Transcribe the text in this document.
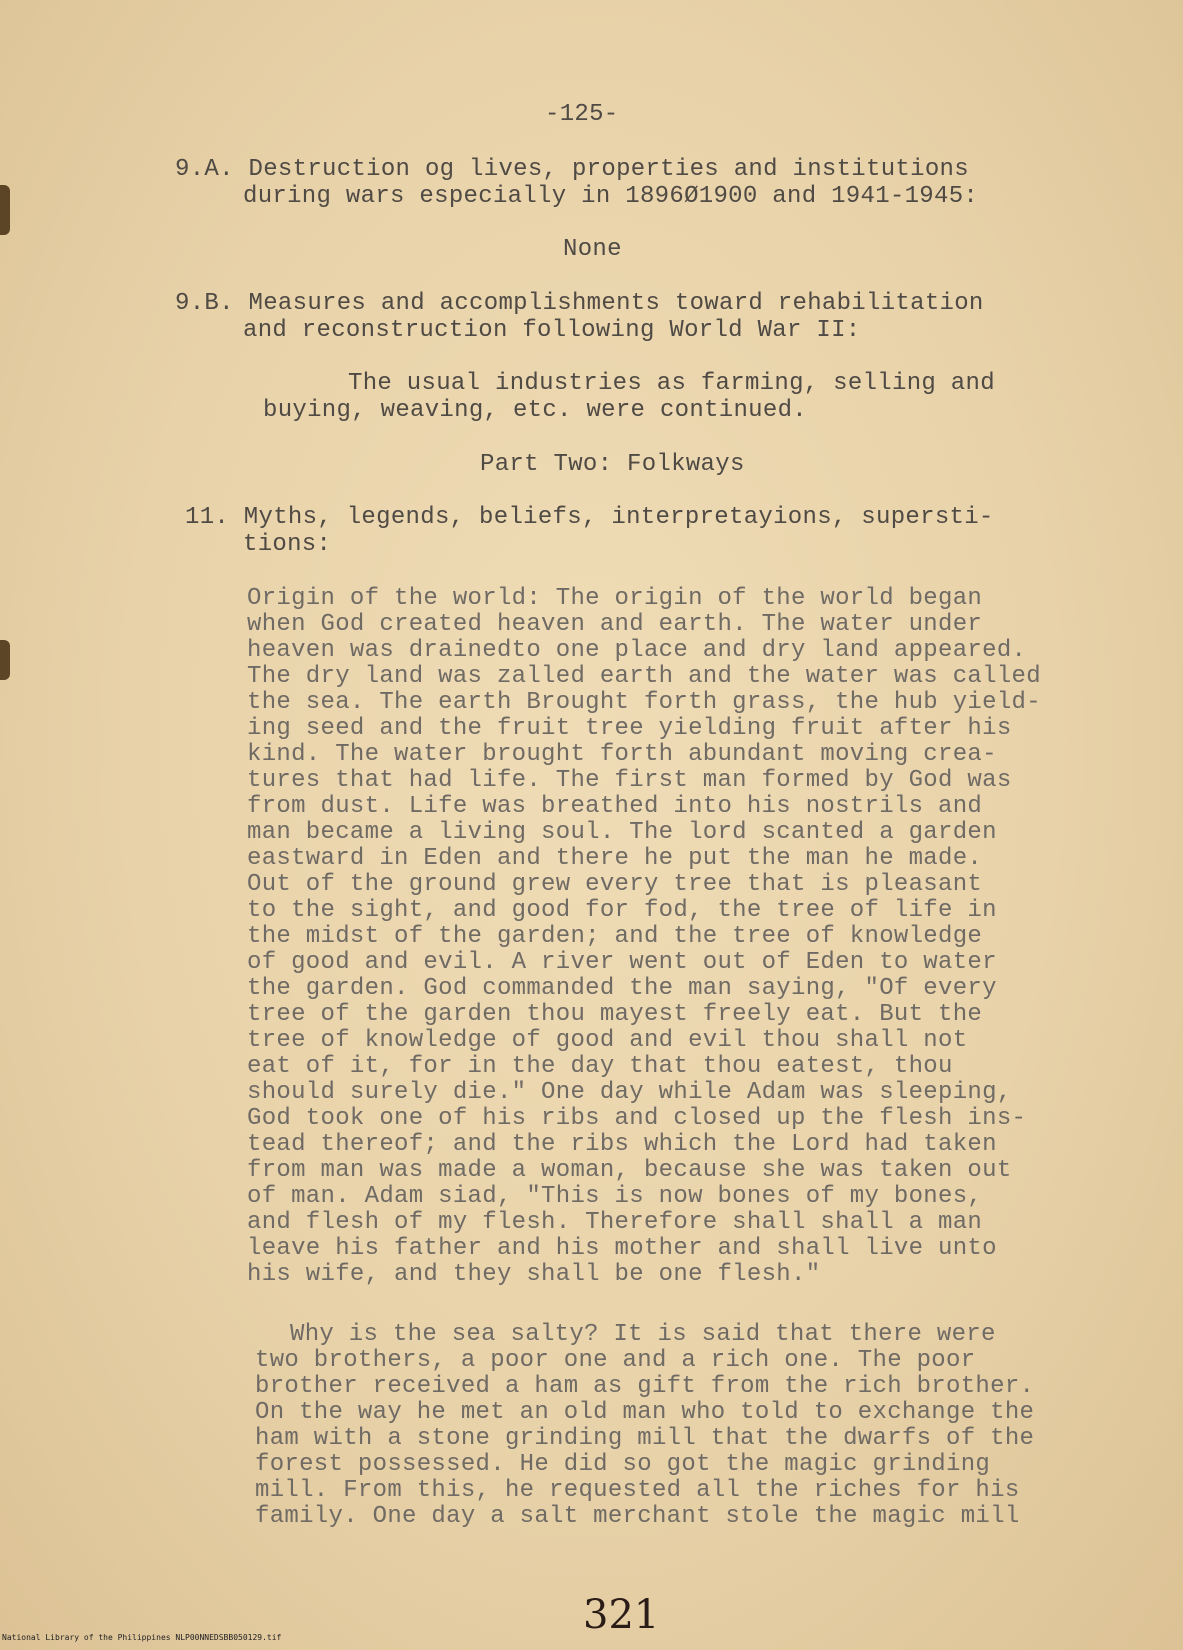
-125-
9.A. Destruction og lives, properties and institutions
during wars especially in 1896Ø1900 and 1941-1945:
None
9.B. Measures and accomplishments toward rehabilitation
and reconstruction following World War II:
The usual industries as farming, selling and
buying, weaving, etc. were continued.
Part Two: Folkways
11. Myths, legends, beliefs, interpretayions, supersti-
tions:
Origin of the world: The origin of the world began
when God created heaven and earth. The water under
heaven was drainedto one place and dry land appeared.
The dry land was zalled earth and the water was called
the sea. The earth Brought forth grass, the hub yield-
ing seed and the fruit tree yielding fruit after his
kind. The water brought forth abundant moving crea-
tures that had life. The first man formed by God was
from dust. Life was breathed into his nostrils and
man became a living soul. The lord scanted a garden
eastward in Eden and there he put the man he made.
Out of the ground grew every tree that is pleasant
to the sight, and good for fod, the tree of life in
the midst of the garden; and the tree of knowledge
of good and evil. A river went out of Eden to water
the garden. God commanded the man saying, "Of every
tree of the garden thou mayest freely eat. But the
tree of knowledge of good and evil thou shall not
eat of it, for in the day that thou eatest, thou
should surely die." One day while Adam was sleeping,
God took one of his ribs and closed up the flesh ins-
tead thereof; and the ribs which the Lord had taken
from man was made a woman, because she was taken out
of man. Adam siad, "This is now bones of my bones,
and flesh of my flesh. Therefore shall shall a man
leave his father and his mother and shall live unto
his wife, and they shall be one flesh."
Why is the sea salty? It is said that there were
two brothers, a poor one and a rich one. The poor
brother received a ham as gift from the rich brother.
On the way he met an old man who told to exchange the
ham with a stone grinding mill that the dwarfs of the
forest possessed. He did so got the magic grinding
mill. From this, he requested all the riches for his
family. One day a salt merchant stole the magic mill
321
National Library of the Philippines NLP00NNEDSBB050129.tif
